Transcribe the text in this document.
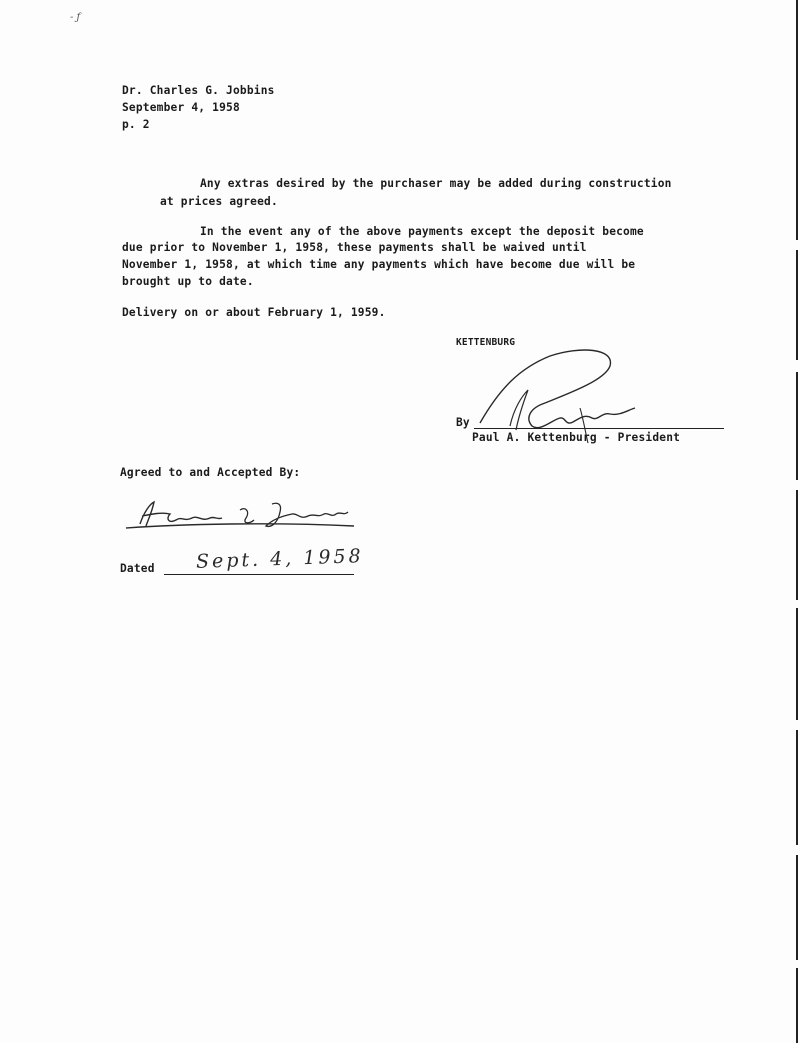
- ƒ
Dr. Charles G. Jobbins
September 4, 1958
p. 2
Any extras desired by the purchaser may be added during construction
at prices agreed.
In the event any of the above payments except the deposit become
due prior to November 1, 1958, these payments shall be waived until
November 1, 1958, at which time any payments which have become due will be
brought up to date.
Delivery on or about February 1, 1959.
KETTENBURG
By
Paul A. Kettenburg - President
Agreed to and Accepted By:
Dated Sept. 4, 1958
